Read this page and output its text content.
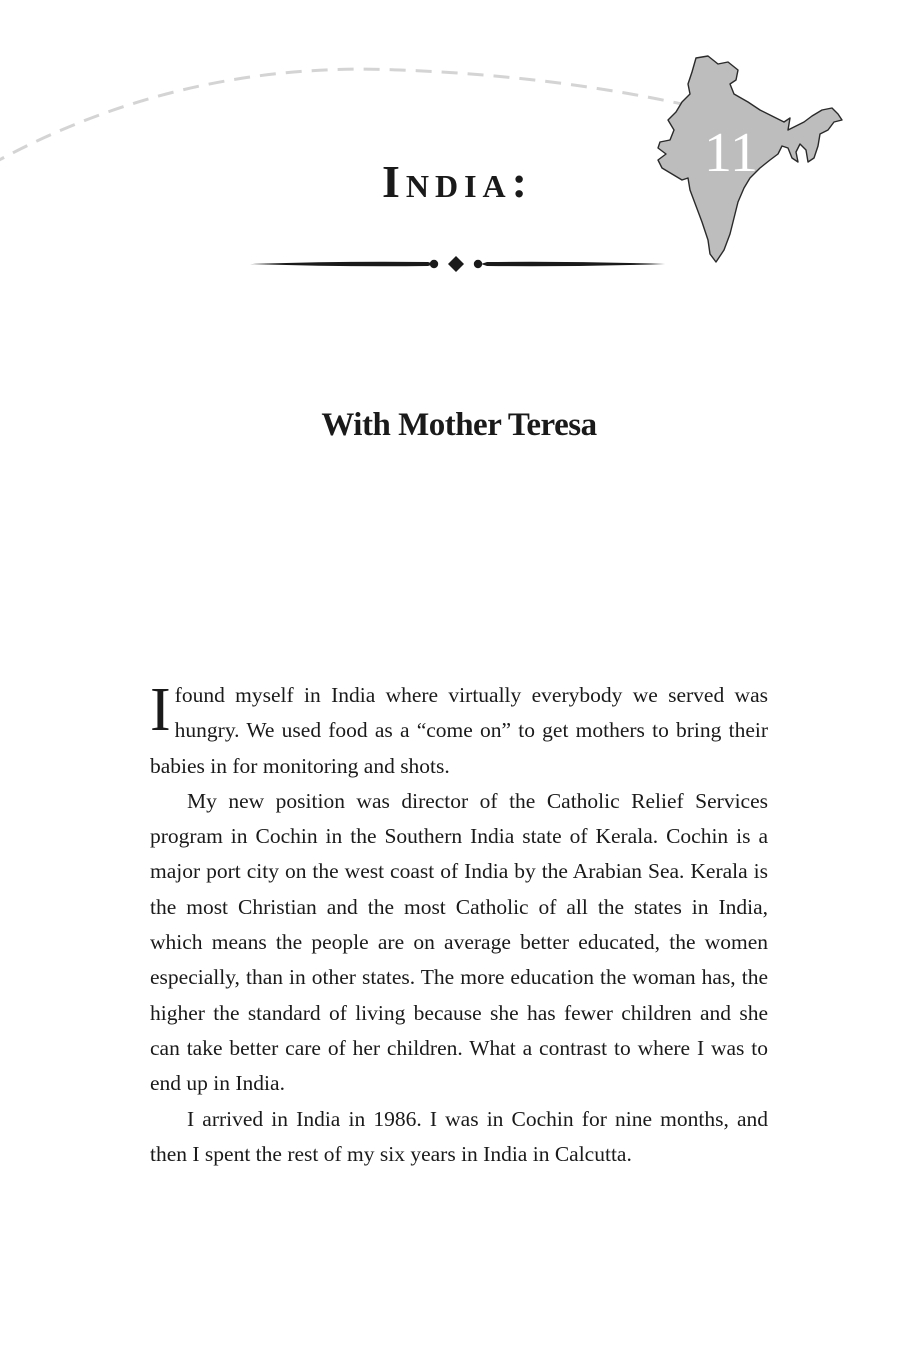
11
India:
With Mother Teresa

Ifound myself in India where virtually everybody we served was hungry. We used food as a “come on” to get mothers to bring their babies in for monitoring and shots.

My new position was director of the Catholic Relief Services program in Cochin in the Southern India state of Kerala. Cochin is a major port city on the west coast of India by the Arabian Sea. Kerala is the most Christian and the most Catholic of all the states in India, which means the people are on average better educated, the women especially, than in other states. The more education the woman has, the higher the standard of living because she has fewer children and she can take better care of her children. What a contrast to where I was to end up in India.

I arrived in India in 1986. I was in Cochin for nine months, and then I spent the rest of my six years in India in Calcutta.
